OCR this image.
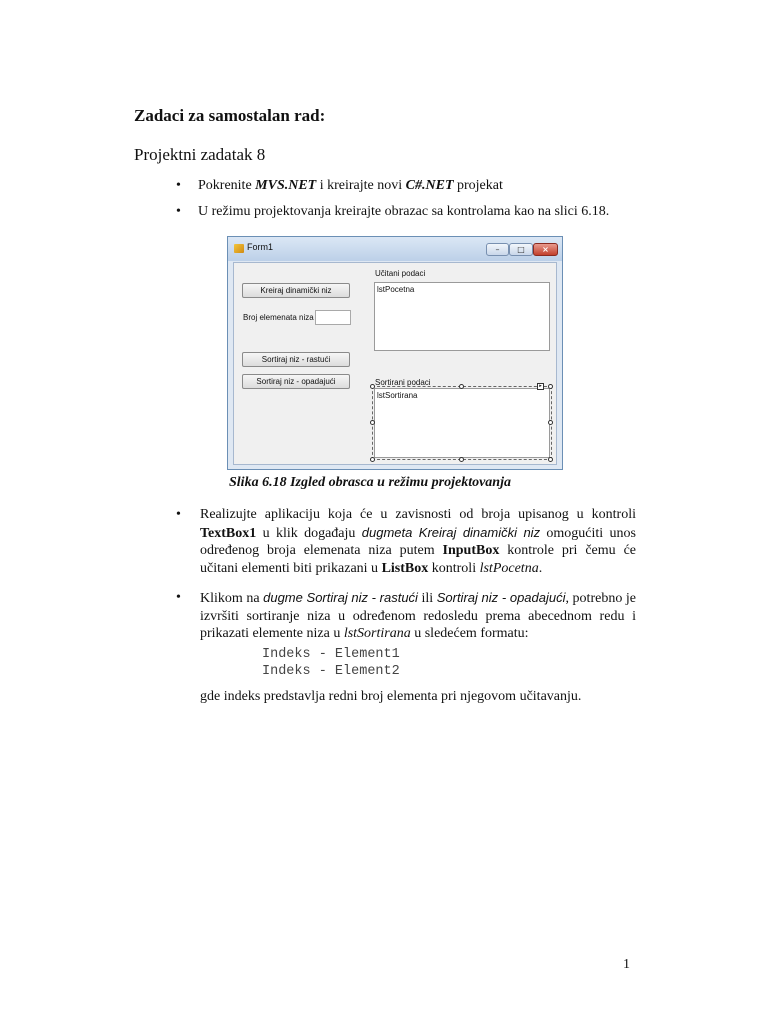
Zadaci za samostalan rad:
Projektni zadatak 8
• Pokrenite MVS.NET i kreirajte novi C#.NET projekat
• U režimu projektovanja kreirajte obrazac sa kontrolama kao na slici 6.18.
Form1	–	□	×
Kreiraj dinamički niz
Broj elemenata niza
Sortiraj niz - rastući
Sortiraj niz - opadajući
Učitani podaci
lstPocetna
Sortirani podaci
lstSortirana
▸
Slika 6.18 Izgled obrasca u režimu projektovanja
• Realizujte aplikaciju koja će u zavisnosti od broja upisanog u kontroli TextBox1 u klik događaju dugmeta Kreiraj dinamički niz omogućiti unos određenog broja elemenata niza putem InputBox kontrole pri čemu će učitani elementi biti prikazani u ListBox kontroli lstPocetna.
• Klikom na dugme Sortiraj niz - rastući ili Sortiraj niz - opadajući, potrebno je izvršiti sortiranje niza u određenom redosledu prema abecednom redu i prikazati elemente niza u lstSortirana u sledećem formatu:
Indeks - Element1
Indeks - Element2
gde indeks predstavlja redni broj elementa pri njegovom učitavanju.
1
